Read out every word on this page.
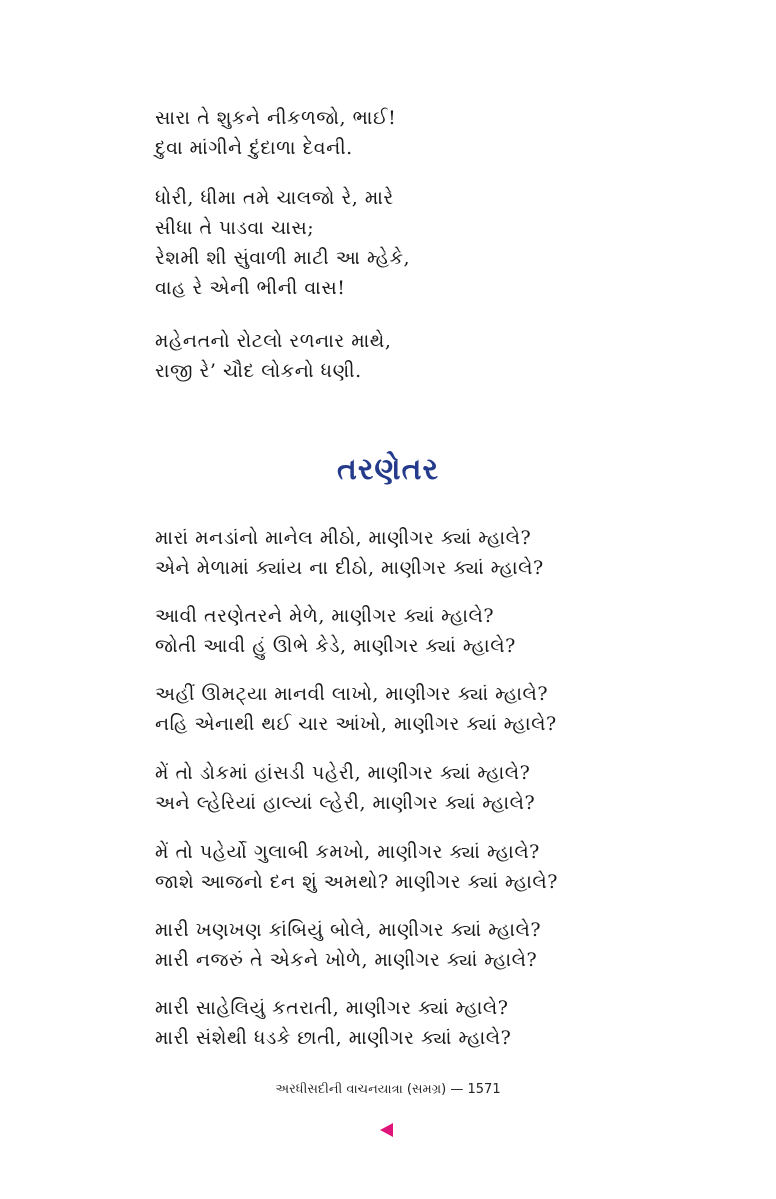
સારા તે શુકને નીકળજો, ભાઈ!
દુવા માંગીને દુંદાળા દેવની.
ધોરી, ધીમા તમે ચાલજો રે, મારે
સીધા તે પાડવા ચાસ;
રેશમી શી સુંવાળી માટી આ મ્હેકે,
વાહ રે એની ભીની વાસ!
મહેનતનો રોટલો રળનાર માથે,
રાજી રે’ ચૌદ લોકનો ધણી.
તરણેતર
મારાં મનડાંનો માનેલ મીઠો, માણીગર ક્યાં મ્હાલે?
એને મેળામાં ક્યાંય ના દીઠો, માણીગર ક્યાં મ્હાલે?
આવી તરણેતરને મેળે, માણીગર ક્યાં મ્હાલે?
જોતી આવી હું ઊભે કેડે, માણીગર ક્યાં મ્હાલે?
અહીં ઊમટ્યા માનવી લાખો, માણીગર ક્યાં મ્હાલે?
નહિ એનાથી થઈ ચાર આંખો, માણીગર ક્યાં મ્હાલે?
મેં તો ડોકમાં હાંસડી પહેરી, માણીગર ક્યાં મ્હાલે?
અને લ્હેરિયાં હાલ્યાં લ્હેરી, માણીગર ક્યાં મ્હાલે?
મેં તો પહેર્યો ગુલાબી કમખો, માણીગર ક્યાં મ્હાલે?
જાશે આજનો દન શું અમથો? માણીગર ક્યાં મ્હાલે?
મારી ખણખણ કાંબિયું બોલે, માણીગર ક્યાં મ્હાલે?
મારી નજરું તે એકને ખોળે, માણીગર ક્યાં મ્હાલે?
મારી સાહેલિયું કતરાતી, માણીગર ક્યાં મ્હાલે?
મારી સંશેથી ધડકે છાતી, માણીગર ક્યાં મ્હાલે?
અરધીસદીની વાચનયાત્રા (સમગ્ર) — 1571
